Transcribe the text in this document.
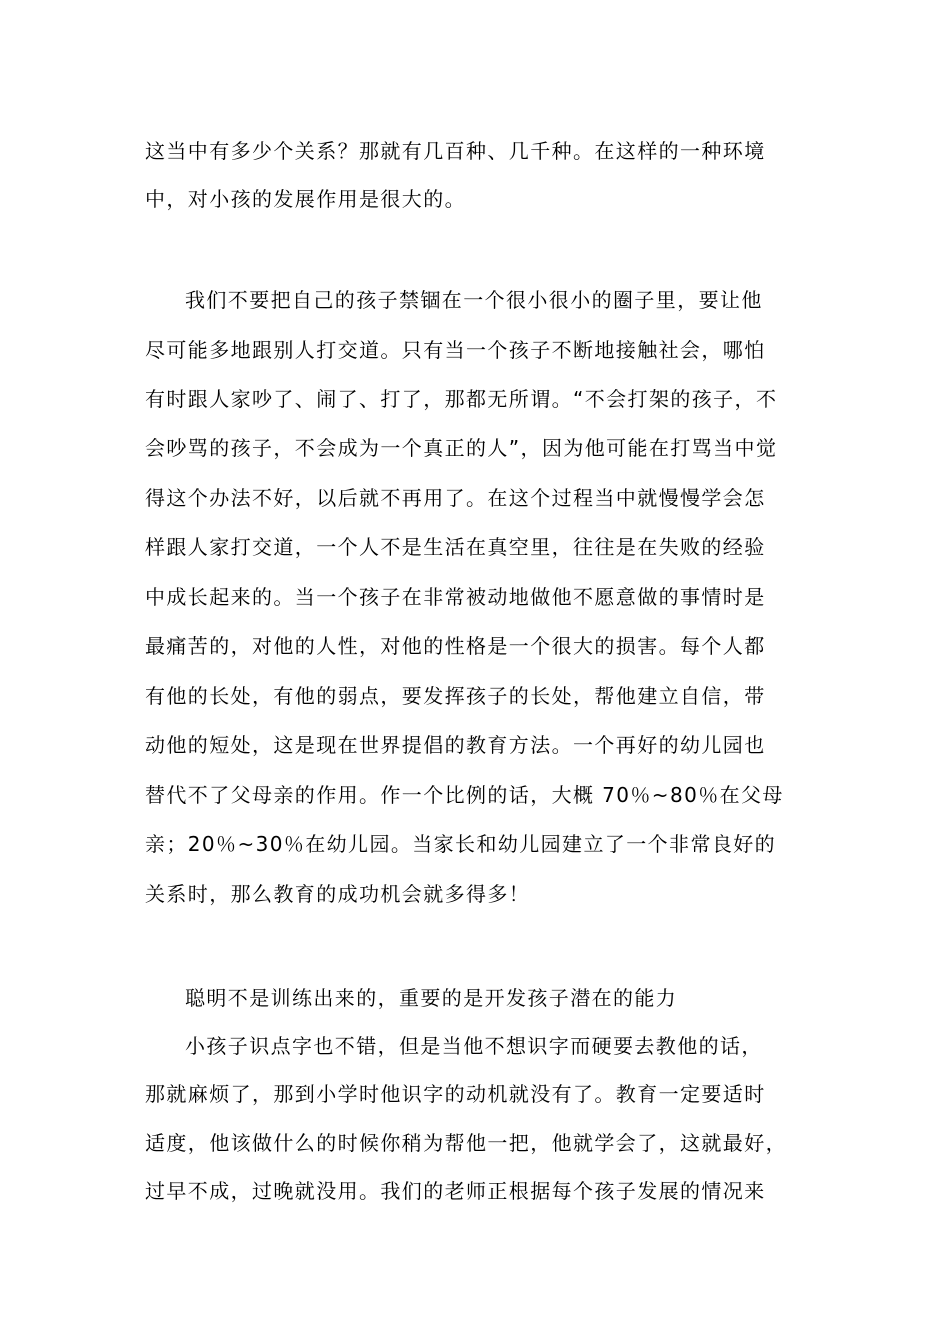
这当中有多少个关系？那就有几百种、几千种。在这样的一种环境
中，对小孩的发展作用是很大的。
我们不要把自己的孩子禁锢在一个很小很小的圈子里，要让他
尽可能多地跟别人打交道。只有当一个孩子不断地接触社会，哪怕
有时跟人家吵了、闹了、打了，那都无所谓。“不会打架的孩子，不
会吵骂的孩子，不会成为一个真正的人”，因为他可能在打骂当中觉
得这个办法不好，以后就不再用了。在这个过程当中就慢慢学会怎
样跟人家打交道，一个人不是生活在真空里，往往是在失败的经验
中成长起来的。当一个孩子在非常被动地做他不愿意做的事情时是
最痛苦的，对他的人性，对他的性格是一个很大的损害。每个人都
有他的长处，有他的弱点，要发挥孩子的长处，帮他建立自信，带
动他的短处，这是现在世界提倡的教育方法。一个再好的幼儿园也
替代不了父母亲的作用。作一个比例的话，大概 70％~80％在父母
亲；20％~30％在幼儿园。当家长和幼儿园建立了一个非常良好的
关系时，那么教育的成功机会就多得多！
聪明不是训练出来的，重要的是开发孩子潜在的能力
小孩子识点字也不错，但是当他不想识字而硬要去教他的话，
那就麻烦了，那到小学时他识字的动机就没有了。教育一定要适时
适度，他该做什么的时候你稍为帮他一把，他就学会了，这就最好，
过早不成，过晚就没用。我们的老师正根据每个孩子发展的情况来
